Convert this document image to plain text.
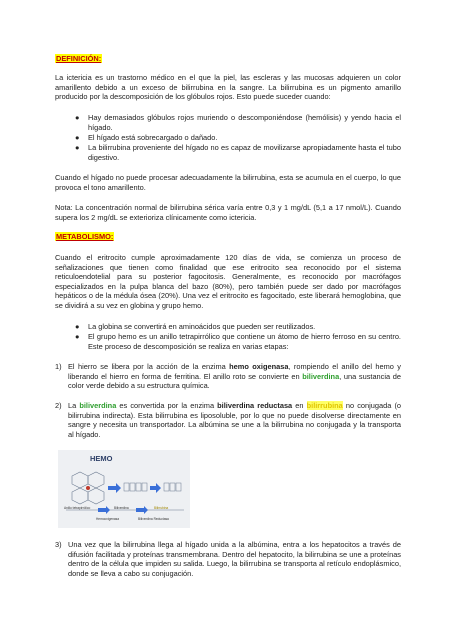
DEFINICIÓN:
La ictericia es un trastorno médico en el que la piel, las escleras y las mucosas adquieren un color amarillento debido a un exceso de bilirrubina en la sangre. La bilirrubina es un pigmento amarillo producido por la descomposición de los glóbulos rojos. Esto puede suceder cuando:
● Hay demasiados glóbulos rojos muriendo o descomponiéndose (hemólisis) y yendo hacia el hígado.
● El hígado está sobrecargado o dañado.
● La bilirrubina proveniente del hígado no es capaz de movilizarse apropiadamente hasta el tubo digestivo.
Cuando el hígado no puede procesar adecuadamente la bilirrubina, esta se acumula en el cuerpo, lo que provoca el tono amarillento.
Nota: La concentración normal de bilirrubina sérica varía entre 0,3 y 1 mg/dL (5,1 a 17 nmol/L). Cuando supera los 2 mg/dL se exterioriza clínicamente como ictericia.
METABOLISMO:
Cuando el eritrocito cumple aproximadamente 120 días de vida, se comienza un proceso de señalizaciones que tienen como finalidad que ese eritrocito sea reconocido por el sistema reticuloendotelial para su posterior fagocitosis. Generalmente, es reconocido por macrófagos especializados en la pulpa blanca del bazo (80%), pero también puede ser dado por macrófagos hepáticos o de la médula ósea (20%). Una vez el eritrocito es fagocitado, este liberará hemoglobina, que se dividirá a su vez en globina y grupo hemo.
● La globina se convertirá en aminoácidos que pueden ser reutilizados.
● El grupo hemo es un anillo tetrapirrólico que contiene un átomo de hierro ferroso en su centro. Este proceso de descomposición se realiza en varias etapas:
1) El hierro se libera por la acción de la enzima hemo oxigenasa, rompiendo el anillo del hemo y liberando el hierro en forma de ferritina. El anillo roto se convierte en biliverdina, una sustancia de color verde debido a su estructura química.
2) La biliverdina es convertida por la enzima biliverdina reductasa en bilirrubina no conjugada (o bilirrubina indirecta). Esta bilirrubina es liposoluble, por lo que no puede disolverse directamente en sangre y necesita un transportador. La albúmina se une a la bilirrubina no conjugada y la transporta al hígado.
HEMO
Biliverdina	Bilirrubina
Anillo tetrapirrólico
Hemooxigenasa	Biliverdina Reductasa
3) Una vez que la bilirrubina llega al hígado unida a la albúmina, entra a los hepatocitos a través de difusión facilitada y proteínas transmembrana. Dentro del hepatocito, la bilirrubina se une a proteínas dentro de la célula que impiden su salida. Luego, la bilirrubina se transporta al retículo endoplásmico, donde se lleva a cabo su conjugación.
